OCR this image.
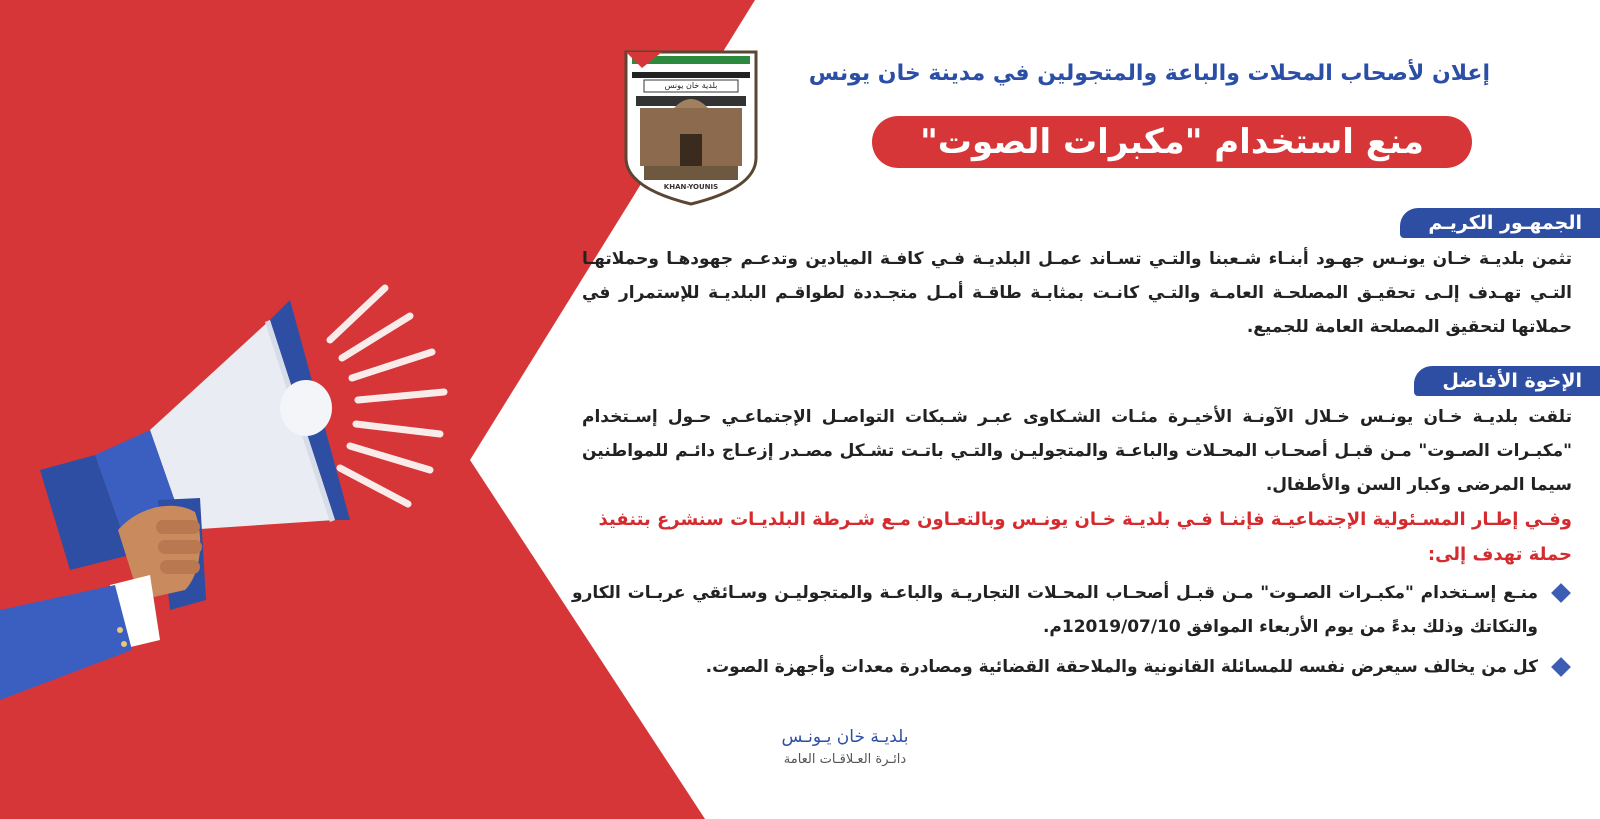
بلدية خان يونس
KHAN-YOUNIS
إعلان لأصحاب المحلات والباعة والمتجولين في مدينة خان يونس
منع استخدام "مكبرات الصوت"
الجمهـور الكريـم
تثمن بلديـة خـان يونـس جهـود أبنـاء شـعبنا والتـي تسـاند عمـل البلديـة فـي كافـة الميادين وتدعـم جهودهـا وحملاتهـا التـي تهـدف إلـى تحقيـق المصلحـة العامـة والتـي كانـت بمثابـة طاقـة أمـل متجـددة لطواقـم البلديـة للإستمرار في حملاتها لتحقيق المصلحة العامة للجميع.
الإخوة الأفاضل
تلقت بلديـة خـان يونـس خـلال الآونـة الأخيـرة مئـات الشـكاوى عبـر شـبكات التواصـل الإجتماعـي حـول إسـتخدام "مكبـرات الصـوت" مـن قبـل أصحـاب المحـلات والباعـة والمتجوليـن والتـي باتـت تشـكل مصـدر إزعـاج دائـم للمواطنين سيما المرضى وكبار السن والأطفال.
وفـي إطـار المسـئولية الإجتماعيـة فإننـا فـي بلديـة خـان يونـس وبالتعـاون مـع شـرطة البلديـات سنشرع بتنفيذ حملة تهدف إلى:
منـع إسـتخدام "مكبـرات الصـوت" مـن قبـل أصحـاب المحـلات التجاريـة والباعـة والمتجوليـن وسـائقي عربـات الكارو والتكاتك وذلك بدءً من يوم الأربعاء الموافق 12019/07/10م.
كل من يخالف سيعرض نفسه للمسائلة القانونية والملاحقة القضائية ومصادرة معدات وأجهزة الصوت.
بلديـة خان يـونـس
دائـرة العـلاقـات العامة
